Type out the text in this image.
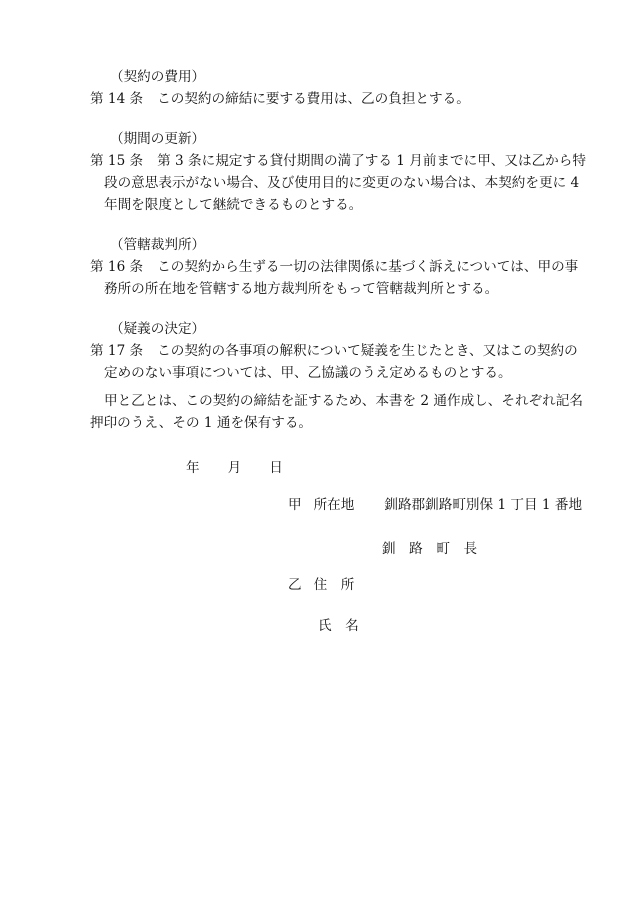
（契約の費用）
第 14 条 この契約の締結に要する費用は、乙の負担とする。
（期間の更新）
第 15 条 第 3 条に規定する貸付期間の満了する 1 月前までに甲、又は乙から特
段の意思表示がない場合、及び使用目的に変更のない場合は、本契約を更に 4
年間を限度として継続できるものとする。
（管轄裁判所）
第 16 条 この契約から生ずる一切の法律関係に基づく訴えについては、甲の事
務所の所在地を管轄する地方裁判所をもって管轄裁判所とする。
（疑義の決定）
第 17 条 この契約の各事項の解釈について疑義を生じたとき、又はこの契約の
定めのない事項については、甲、乙協議のうえ定めるものとする。
甲と乙とは、この契約の締結を証するため、本書を 2 通作成し、それぞれ記名
押印のうえ、その 1 通を保有する。
年 月 日
甲 所在地 釧路郡釧路町別保 1 丁目 1 番地
釧　路　町　長
乙 住　所
氏　名
